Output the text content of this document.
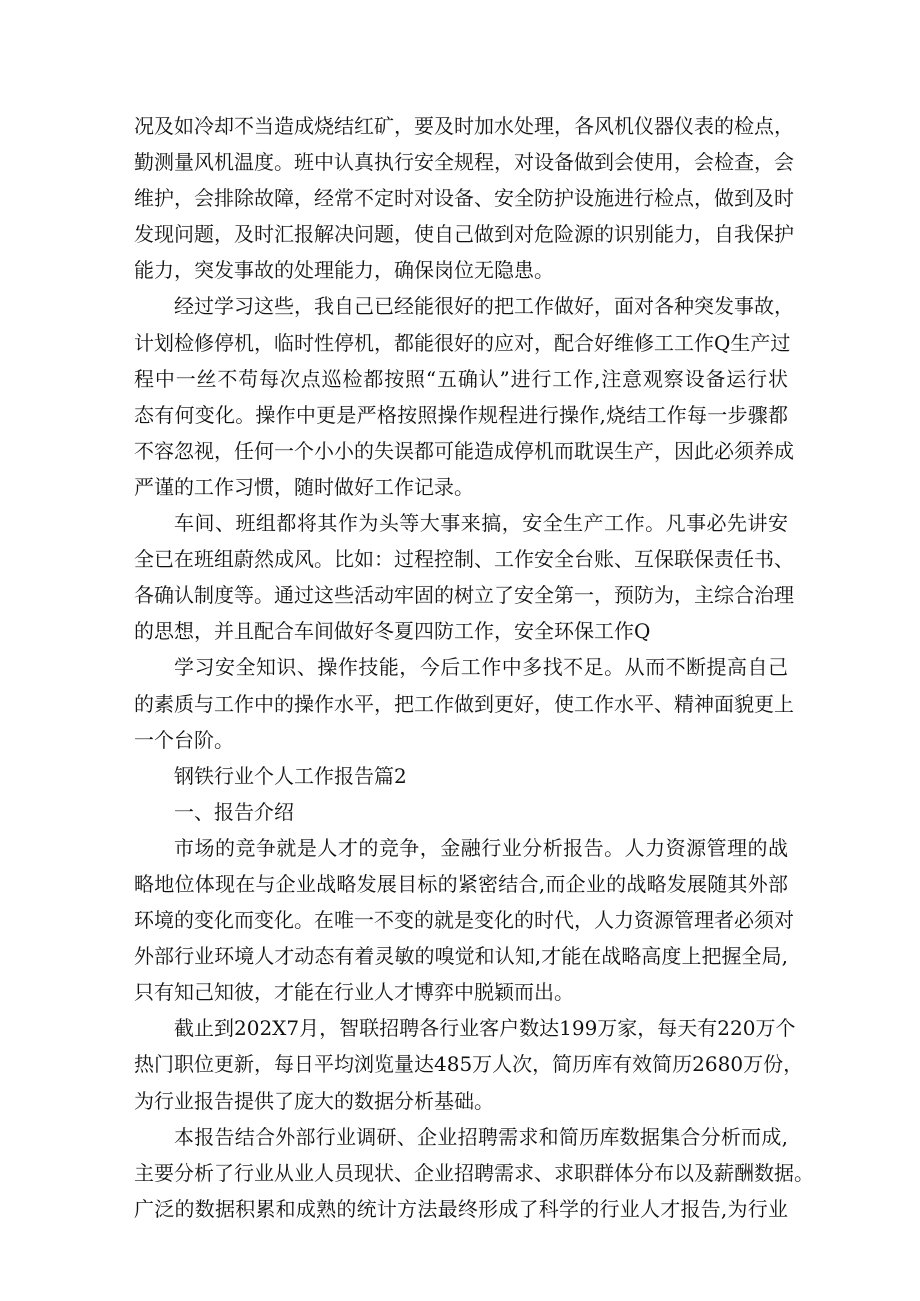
况及如冷却不当造成烧结红矿，要及时加水处理，各风机仪器仪表的检点，
勤测量风机温度。班中认真执行安全规程，对设备做到会使用，会检查，会
维护，会排除故障，经常不定时对设备、安全防护设施进行检点，做到及时
发现问题，及时汇报解决问题，使自己做到对危险源的识别能力，自我保护
能力，突发事故的处理能力，确保岗位无隐患。
经过学习这些，我自己已经能很好的把工作做好，面对各种突发事故，
计划检修停机，临时性停机，都能很好的应对，配合好维修工工作Q生产过
程中一丝不苟每次点巡检都按照“五确认”进行工作,注意观察设备运行状
态有何变化。操作中更是严格按照操作规程进行操作,烧结工作每一步骤都
不容忽视，任何一个小小的失误都可能造成停机而耽误生产，因此必须养成
严谨的工作习惯，随时做好工作记录。
车间、班组都将其作为头等大事来搞，安全生产工作。凡事必先讲安
全已在班组蔚然成风。比如：过程控制、工作安全台账、互保联保责任书、
各确认制度等。通过这些活动牢固的树立了安全第一，预防为，主综合治理
的思想，并且配合车间做好冬夏四防工作，安全环保工作Q
学习安全知识、操作技能，今后工作中多找不足。从而不断提高自己
的素质与工作中的操作水平，把工作做到更好，使工作水平、精神面貌更上
一个台阶。
钢铁行业个人工作报告篇2
一、报告介绍
市场的竞争就是人才的竞争，金融行业分析报告。人力资源管理的战
略地位体现在与企业战略发展目标的紧密结合,而企业的战略发展随其外部
环境的变化而变化。在唯一不变的就是变化的时代，人力资源管理者必须对
外部行业环境人才动态有着灵敏的嗅觉和认知,才能在战略高度上把握全局,
只有知己知彼，才能在行业人才博弈中脱颖而出。
截止到202X7月，智联招聘各行业客户数达199万家，每天有220万个
热门职位更新，每日平均浏览量达485万人次，简历库有效简历2680万份，
为行业报告提供了庞大的数据分析基础。
本报告结合外部行业调研、企业招聘需求和简历库数据集合分析而成,
主要分析了行业从业人员现状、企业招聘需求、求职群体分布以及薪酬数据。
广泛的数据积累和成熟的统计方法最终形成了科学的行业人才报告,为行业
